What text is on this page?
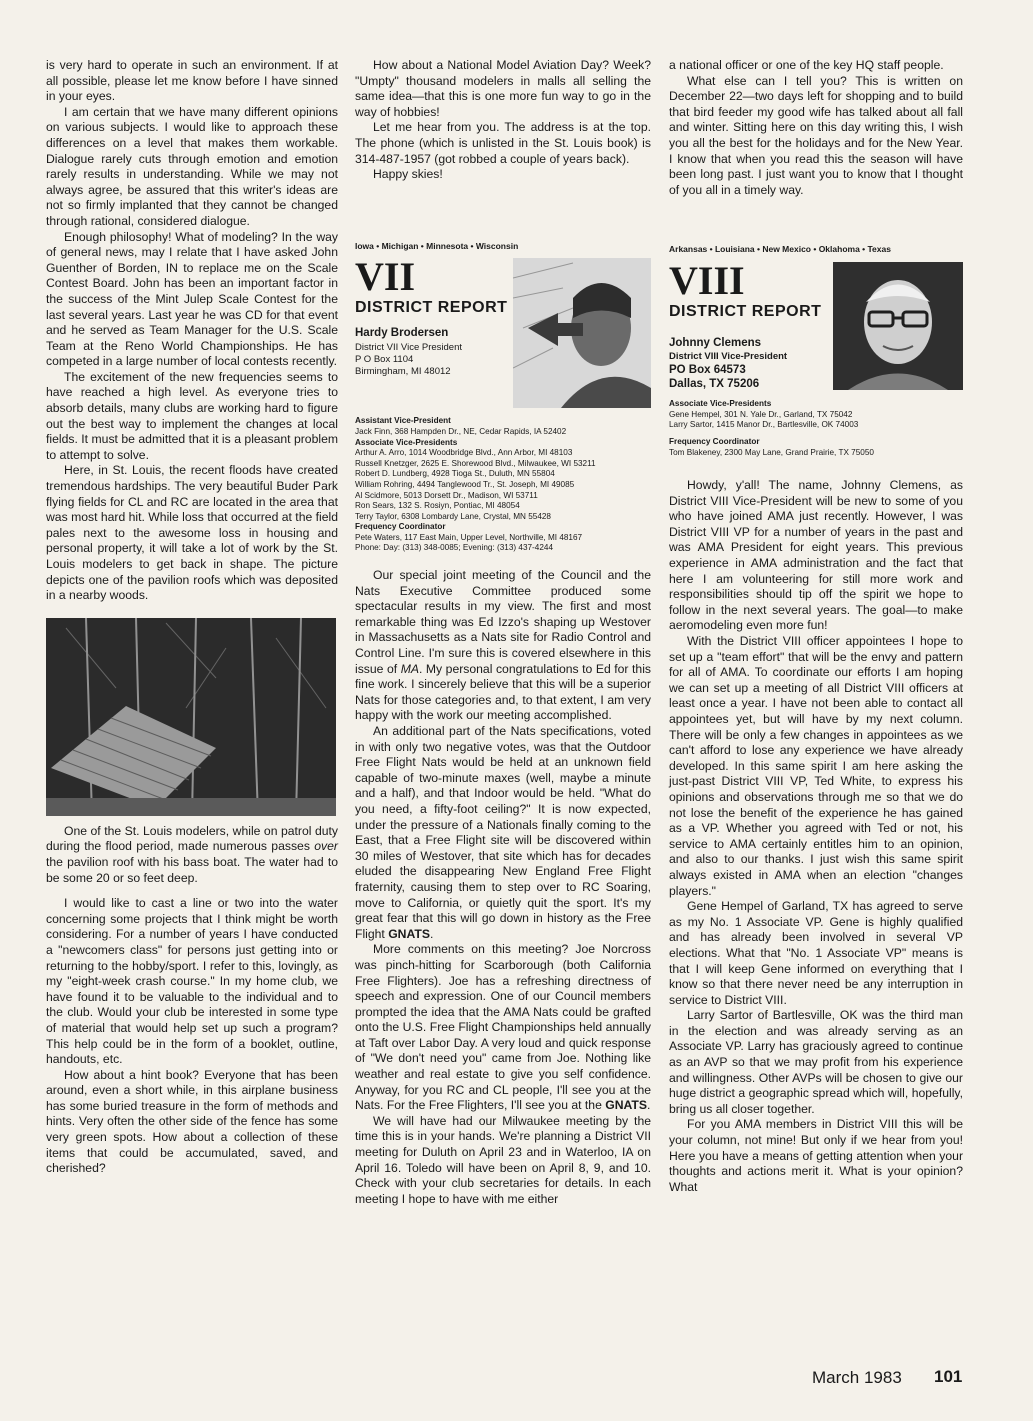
is very hard to operate in such an environment. If at all possible, please let me know before I have sinned in your eyes.

I am certain that we have many different opinions on various subjects. I would like to approach these differences on a level that makes them workable. Dialogue rarely cuts through emotion and emotion rarely results in understanding. While we may not always agree, be assured that this writer's ideas are not so firmly implanted that they cannot be changed through rational, considered dialogue.

Enough philosophy! What of modeling? In the way of general news, may I relate that I have asked John Guenther of Borden, IN to replace me on the Scale Contest Board. John has been an important factor in the success of the Mint Julep Scale Contest for the last several years. Last year he was CD for that event and he served as Team Manager for the U.S. Scale Team at the Reno World Championships. He has competed in a large number of local contests recently.

The excitement of the new frequencies seems to have reached a high level. As everyone tries to absorb details, many clubs are working hard to figure out the best way to implement the changes at local fields. It must be admitted that it is a pleasant problem to attempt to solve.

Here, in St. Louis, the recent floods have created tremendous hardships. The very beautiful Buder Park flying fields for CL and RC are located in the area that was most hard hit. While loss that occurred at the field pales next to the awesome loss in housing and personal property, it will take a lot of work by the St. Louis modelers to get back in shape. The picture depicts one of the pavilion roofs which was deposited in a nearby woods.

One of the St. Louis modelers, while on patrol duty during the flood period, made numerous passes over the pavilion roof with his bass boat. The water had to be some 20 or so feet deep.

I would like to cast a line or two into the water concerning some projects that I think might be worth considering. For a number of years I have conducted a "newcomers class" for persons just getting into or returning to the hobby/sport. I refer to this, lovingly, as my "eight-week crash course." In my home club, we have found it to be valuable to the individual and to the club. Would your club be interested in some type of material that would help set up such a program? This help could be in the form of a booklet, outline, handouts, etc.

How about a hint book? Everyone that has been around, even a short while, in this airplane business has some buried treasure in the form of methods and hints. Very often the other side of the fence has some very green spots. How about a collection of these items that could be accumulated, saved, and cherished?

How about a National Model Aviation Day? Week? "Umpty" thousand modelers in malls all selling the same idea—that this is one more fun way to go in the way of hobbies!

Let me hear from you. The address is at the top. The phone (which is unlisted in the St. Louis book) is 314-487-1957 (got robbed a couple of years back).

Happy skies!

Iowa • Michigan • Minnesota • Wisconsin
VII
DISTRICT REPORT
Hardy Brodersen
District VII Vice President
P O Box 1104
Birmingham, MI 48012
Assistant Vice-President
Jack Finn, 368 Hampden Dr., NE, Cedar Rapids, IA 52402
Associate Vice-Presidents
Arthur A. Arro, 1014 Woodbridge Blvd., Ann Arbor, MI 48103
Russell Knetzger, 2625 E. Shorewood Blvd., Milwaukee, WI 53211
Robert D. Lundberg, 4928 Tioga St., Duluth, MN 55804
William Rohring, 4494 Tanglewood Tr., St. Joseph, MI 49085
Al Scidmore, 5013 Dorsett Dr., Madison, WI 53711
Ron Sears, 132 S. Rosiyn, Pontiac, MI 48054
Terry Taylor, 6308 Lombardy Lane, Crystal, MN 55428
Frequency Coordinator
Pete Waters, 117 East Main, Upper Level, Northville, MI 48167
Phone: Day: (313) 348-0085; Evening: (313) 437-4244

Our special joint meeting of the Council and the Nats Executive Committee produced some spectacular results in my view. The first and most remarkable thing was Ed Izzo's shaping up Westover in Massachusetts as a Nats site for Radio Control and Control Line. I'm sure this is covered elsewhere in this issue of MA. My personal congratulations to Ed for this fine work. I sincerely believe that this will be a superior Nats for those categories and, to that extent, I am very happy with the work our meeting accomplished.

An additional part of the Nats specifications, voted in with only two negative votes, was that the Outdoor Free Flight Nats would be held at an unknown field capable of two-minute maxes (well, maybe a minute and a half), and that Indoor would be held. "What do you need, a fifty-foot ceiling?" It is now expected, under the pressure of a Nationals finally coming to the East, that a Free Flight site will be discovered within 30 miles of Westover, that site which has for decades eluded the disappearing New England Free Flight fraternity, causing them to step over to RC Soaring, move to California, or quietly quit the sport. It's my great fear that this will go down in history as the Free Flight GNATS.

More comments on this meeting? Joe Norcross was pinch-hitting for Scarborough (both California Free Flighters). Joe has a refreshing directness of speech and expression. One of our Council members prompted the idea that the AMA Nats could be grafted onto the U.S. Free Flight Championships held annually at Taft over Labor Day. A very loud and quick response of "We don't need you" came from Joe. Nothing like weather and real estate to give you self confidence. Anyway, for you RC and CL people, I'll see you at the Nats. For the Free Flighters, I'll see you at the GNATS.

We will have had our Milwaukee meeting by the time this is in your hands. We're planning a District VII meeting for Duluth on April 23 and in Waterloo, IA on April 16. Toledo will have been on April 8, 9, and 10. Check with your club secretaries for details. In each meeting I hope to have with me either

a national officer or one of the key HQ staff people.

What else can I tell you? This is written on December 22—two days left for shopping and to build that bird feeder my good wife has talked about all fall and winter. Sitting here on this day writing this, I wish you all the best for the holidays and for the New Year. I know that when you read this the season will have been long past. I just want you to know that I thought of you all in a timely way.

Arkansas • Louisiana • New Mexico • Oklahoma • Texas
VIII
DISTRICT REPORT
Johnny Clemens
District VIII Vice-President
PO Box 64573
Dallas, TX 75206
Associate Vice-Presidents
Gene Hempel, 301 N. Yale Dr., Garland, TX 75042
Larry Sartor, 1415 Manor Dr., Bartlesville, OK 74003
Frequency Coordinator
Tom Blakeney, 2300 May Lane, Grand Prairie, TX 75050

Howdy, y'all! The name, Johnny Clemens, as District VIII Vice-President will be new to some of you who have joined AMA just recently. However, I was District VIII VP for a number of years in the past and was AMA President for eight years. This previous experience in AMA administration and the fact that here I am volunteering for still more work and responsibilities should tip off the spirit we hope to follow in the next several years. The goal—to make aeromodeling even more fun!

With the District VIII officer appointees I hope to set up a "team effort" that will be the envy and pattern for all of AMA. To coordinate our efforts I am hoping we can set up a meeting of all District VIII officers at least once a year. I have not been able to contact all appointees yet, but will have by my next column. There will be only a few changes in appointees as we can't afford to lose any experience we have already developed. In this same spirit I am here asking the just-past District VIII VP, Ted White, to express his opinions and observations through me so that we do not lose the benefit of the experience he has gained as a VP. Whether you agreed with Ted or not, his service to AMA certainly entitles him to an opinion, and also to our thanks. I just wish this same spirit always existed in AMA when an election "changes players."

Gene Hempel of Garland, TX has agreed to serve as my No. 1 Associate VP. Gene is highly qualified and has already been involved in several VP elections. What that "No. 1 Associate VP" means is that I will keep Gene informed on everything that I know so that there never need be any interruption in service to District VIII.

Larry Sartor of Bartlesville, OK was the third man in the election and was already serving as an Associate VP. Larry has graciously agreed to continue as an AVP so that we may profit from his experience and willingness. Other AVPs will be chosen to give our huge district a geographic spread which will, hopefully, bring us all closer together.

For you AMA members in District VIII this will be your column, not mine! But only if we hear from you! Here you have a means of getting attention when your thoughts and actions merit it. What is your opinion? What

March 1983 101
